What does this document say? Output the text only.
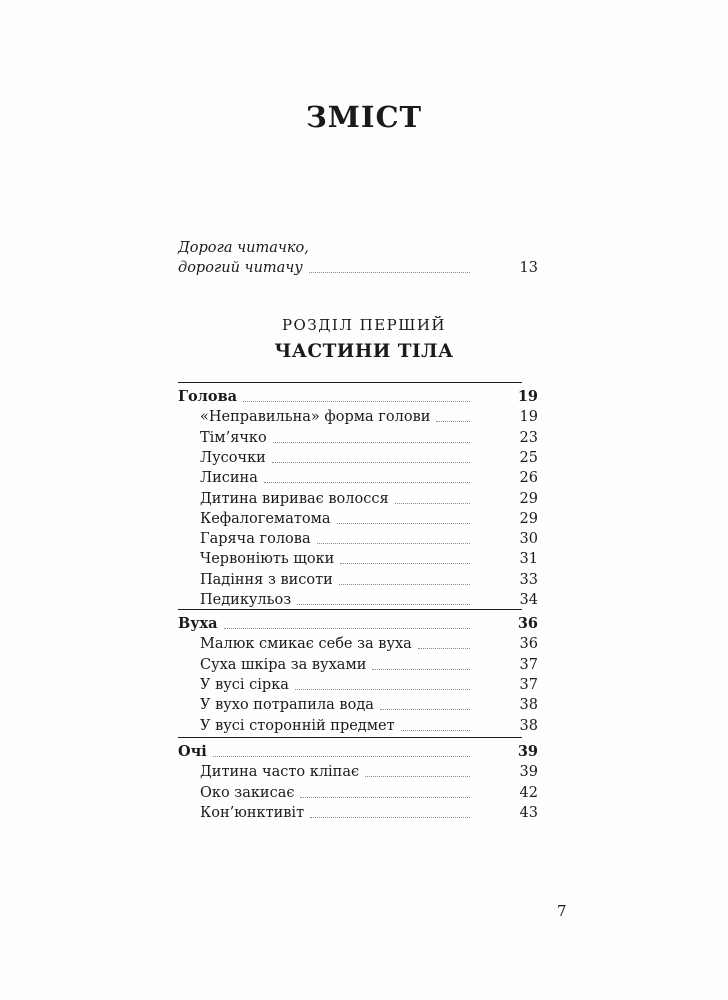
ЗМІСТ
Дорога читачко,
дорогий читачу	13
РОЗДІЛ ПЕРШИЙ
ЧАСТИНИ ТІЛА
Голова	19
«Неправильна» форма голови	19
Тім’ячко	23
Лусочки	25
Лисина	26
Дитина вириває волосся	29
Кефалогематома	29
Гаряча голова	30
Червоніють щоки	31
Падіння з висоти	33
Педикульоз	34
Вуха	36
Малюк смикає себе за вуха	36
Суха шкіра за вухами	37
У вусі сірка	37
У вухо потрапила вода	38
У вусі сторонній предмет	38
Очі	39
Дитина часто кліпає	39
Око закисає	42
Кон’юнктивіт	43
7
